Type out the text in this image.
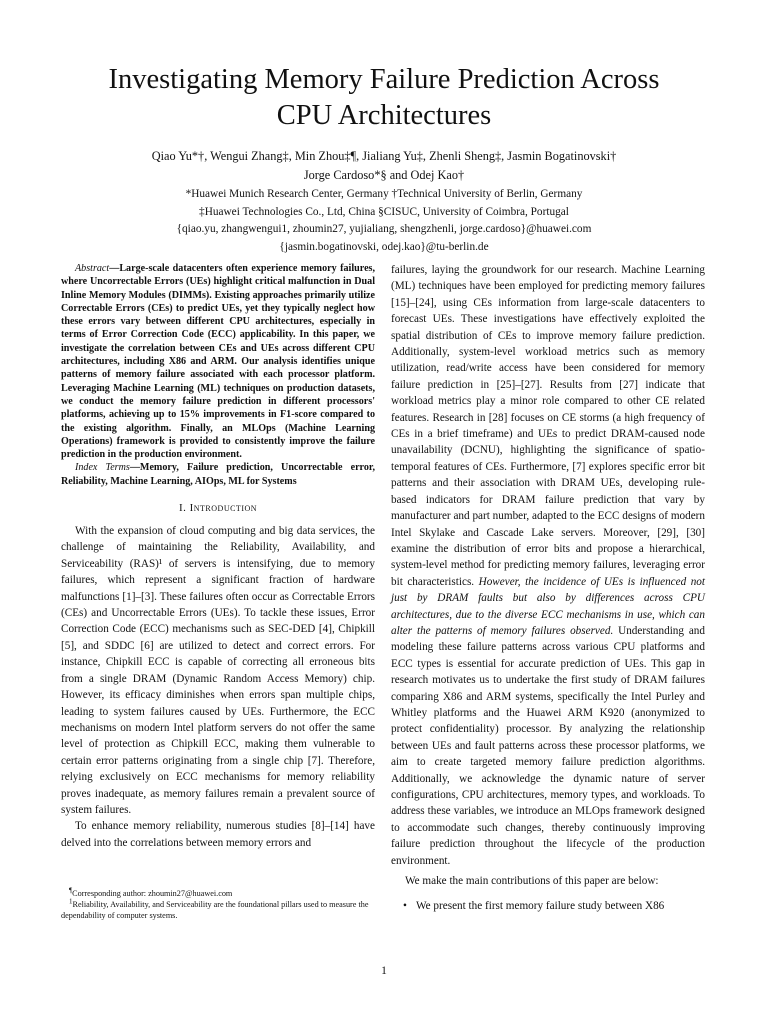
Investigating Memory Failure Prediction Across
CPU Architectures
Qiao Yu*†, Wengui Zhang‡, Min Zhou‡¶, Jialiang Yu‡, Zhenli Sheng‡, Jasmin Bogatinovski†
Jorge Cardoso*§ and Odej Kao†
*Huawei Munich Research Center, Germany †Technical University of Berlin, Germany
‡Huawei Technologies Co., Ltd, China §CISUC, University of Coimbra, Portugal
{qiao.yu, zhangwengui1, zhoumin27, yujialiang, shengzhenli, jorge.cardoso}@huawei.com
{jasmin.bogatinovski, odej.kao}@tu-berlin.de

Abstract—Large-scale datacenters often experience memory failures, where Uncorrectable Errors (UEs) highlight critical malfunction in Dual Inline Memory Modules (DIMMs). Existing approaches primarily utilize Correctable Errors (CEs) to predict UEs, yet they typically neglect how these errors vary between different CPU architectures, especially in terms of Error Correction Code (ECC) applicability. In this paper, we investigate the correlation between CEs and UEs across different CPU architectures, including X86 and ARM. Our analysis identifies unique patterns of memory failure associated with each processor platform. Leveraging Machine Learning (ML) techniques on production datasets, we conduct the memory failure prediction in different processors' platforms, achieving up to 15% improvements in F1-score compared to the existing algorithm. Finally, an MLOps (Machine Learning Operations) framework is provided to consistently improve the failure prediction in the production environment.

Index Terms—Memory, Failure prediction, Uncorrectable error, Reliability, Machine Learning, AIOps, ML for Systems

I. Introduction

With the expansion of cloud computing and big data services, the challenge of maintaining the Reliability, Availability, and Serviceability (RAS)¹ of servers is intensifying, due to memory failures, which represent a significant fraction of hardware malfunctions [1]–[3]. These failures often occur as Correctable Errors (CEs) and Uncorrectable Errors (UEs). To tackle these issues, Error Correction Code (ECC) mechanisms such as SEC-DED [4], Chipkill [5], and SDDC [6] are utilized to detect and correct errors. For instance, Chipkill ECC is capable of correcting all erroneous bits from a single DRAM (Dynamic Random Access Memory) chip. However, its efficacy diminishes when errors span multiple chips, leading to system failures caused by UEs. Furthermore, the ECC mechanisms on modern Intel platform servers do not offer the same level of protection as Chipkill ECC, making them vulnerable to certain error patterns originating from a single chip [7]. Therefore, relying exclusively on ECC mechanisms for memory reliability proves inadequate, as memory failures remain a prevalent source of system failures.

To enhance memory reliability, numerous studies [8]–[14] have delved into the correlations between memory errors and

failures, laying the groundwork for our research. Machine Learning (ML) techniques have been employed for predicting memory failures [15]–[24], using CEs information from large-scale datacenters to forecast UEs. These investigations have effectively exploited the spatial distribution of CEs to improve memory failure prediction. Additionally, system-level workload metrics such as memory utilization, read/write access have been considered for memory failure prediction in [25]–[27]. Results from [27] indicate that workload metrics play a minor role compared to other CE related features. Research in [28] focuses on CE storms (a high frequency of CEs in a brief timeframe) and UEs to predict DRAM-caused node unavailability (DCNU), highlighting the significance of spatio-temporal features of CEs. Furthermore, [7] explores specific error bit patterns and their association with DRAM UEs, developing rule-based indicators for DRAM failure prediction that vary by manufacturer and part number, adapted to the ECC designs of modern Intel Skylake and Cascade Lake servers. Moreover, [29], [30] examine the distribution of error bits and propose a hierarchical, system-level method for predicting memory failures, leveraging error bit characteristics. However, the incidence of UEs is influenced not just by DRAM faults but also by differences across CPU architectures, due to the diverse ECC mechanisms in use, which can alter the patterns of memory failures observed. Understanding and modeling these failure patterns across various CPU platforms and ECC types is essential for accurate prediction of UEs. This gap in research motivates us to undertake the first study of DRAM failures comparing X86 and ARM systems, specifically the Intel Purley and Whitley platforms and the Huawei ARM K920 (anonymized to protect confidentiality) processor. By analyzing the relationship between UEs and fault patterns across these processor platforms, we aim to create targeted memory failure prediction algorithms. Additionally, we acknowledge the dynamic nature of server configurations, CPU architectures, memory types, and workloads. To address these variables, we introduce an MLOps framework designed to accommodate such changes, thereby continuously improving failure prediction throughout the lifecycle of the production environment.

We make the main contributions of this paper are below:

• We present the first memory failure study between X86

¶Corresponding author: zhoumin27@huawei.com

$^1$Reliability, Availability, and Serviceability are the foundational pillars used to measure the dependability of computer systems.

1
